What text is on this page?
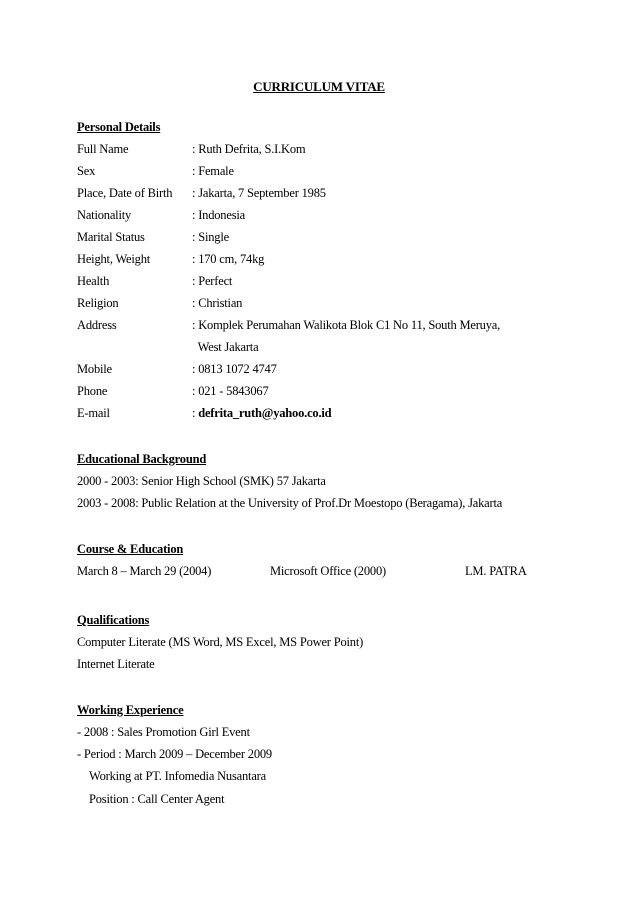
CURRICULUM VITAE
Personal Details
Full Name	: Ruth Defrita, S.I.Kom
Sex	: Female
Place, Date of Birth : Jakarta, 7 September 1985
Nationality	: Indonesia
Marital Status	: Single
Height, Weight	: 170 cm, 74kg
Health	: Perfect
Religion	: Christian
Address	: Komplek Perumahan Walikota Blok C1 No 11, South Meruya,
West Jakarta
Mobile	: 0813 1072 4747
Phone	: 021 - 5843067
E-mail	: defrita_ruth@yahoo.co.id
Educational Background
2000 - 2003: Senior High School (SMK) 57 Jakarta
2003 - 2008: Public Relation at the University of Prof.Dr Moestopo (Beragama), Jakarta
Course & Education
March 8 – March 29 (2004)	Microsoft Office (2000)	LM. PATRA
Qualifications
Computer Literate (MS Word, MS Excel, MS Power Point)
Internet Literate
Working Experience
- 2008 : Sales Promotion Girl Event
- Period : March 2009 – December 2009
Working at PT. Infomedia Nusantara
Position : Call Center Agent
